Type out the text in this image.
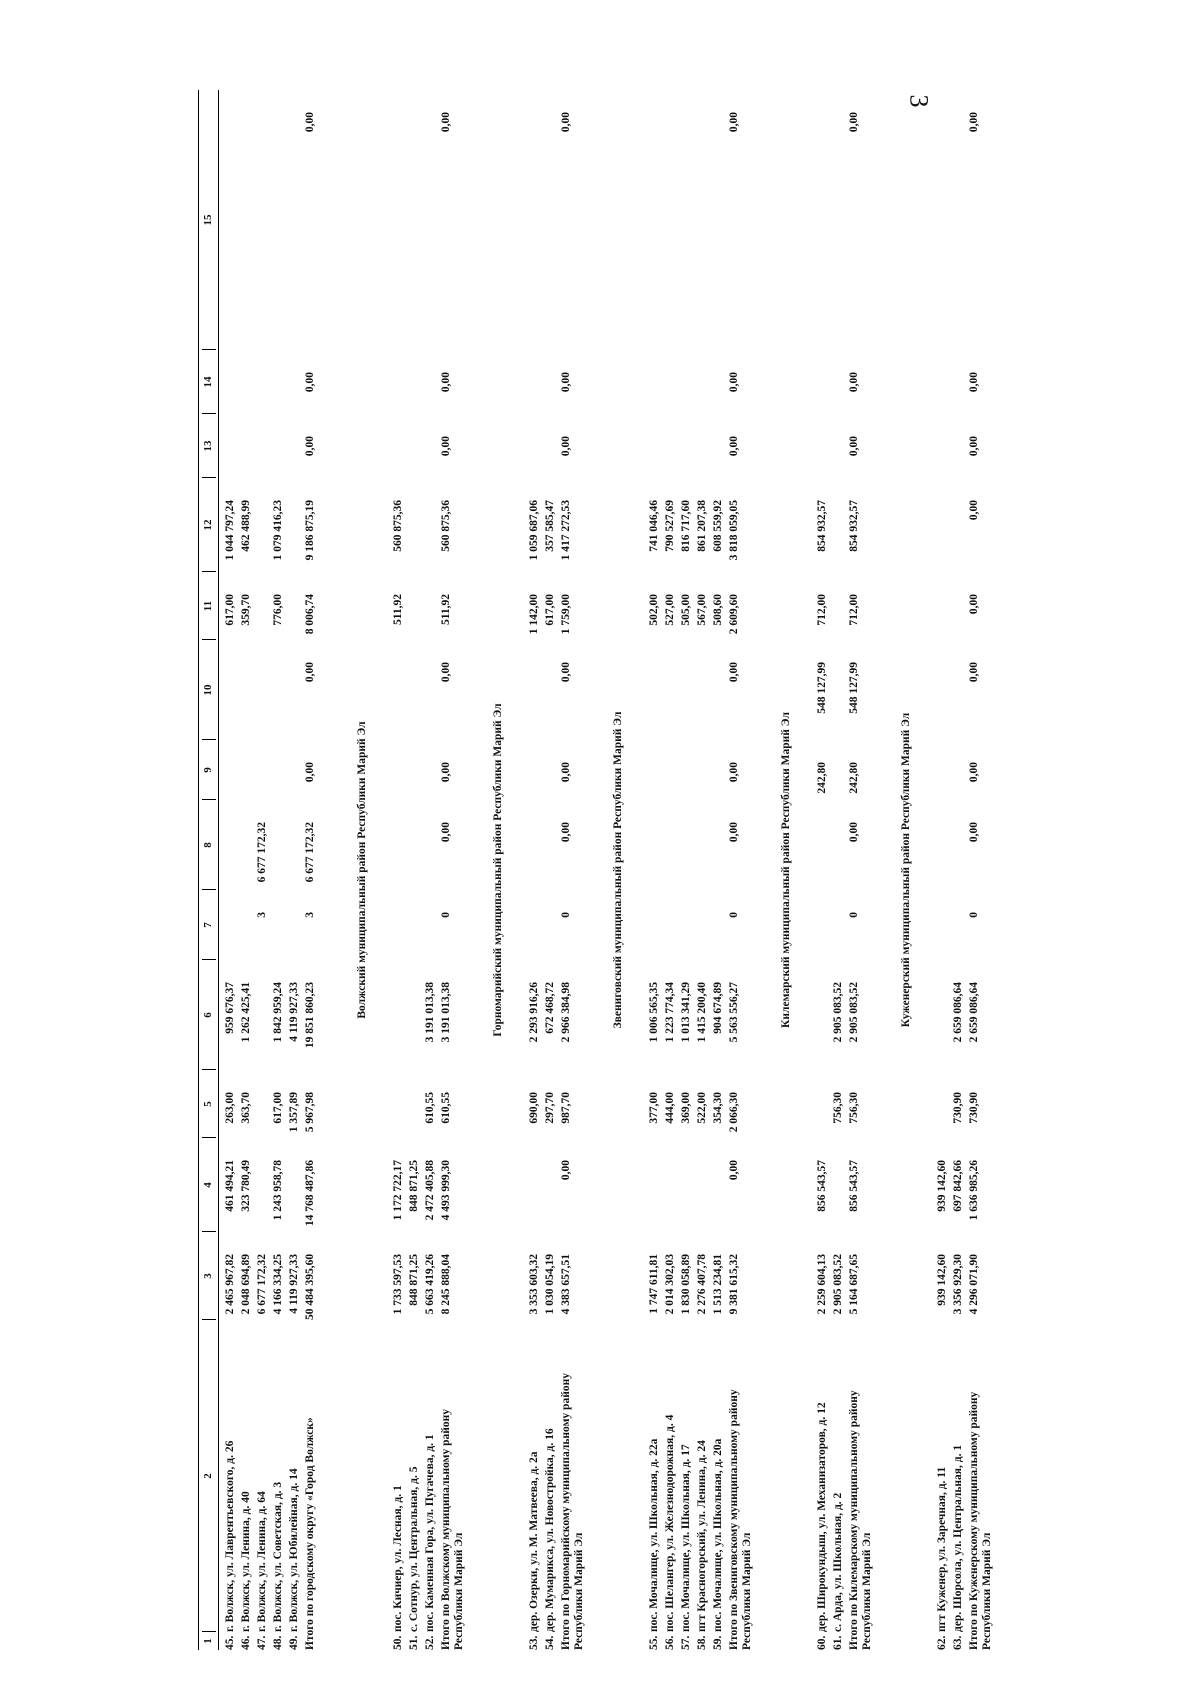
3
1
2
3
4
5
6
7
8
9
10
11
12
13
14
15
45.
г. Волжск, ул. Лаврентьевского, д. 26
2 465 967,82
461 494,21
263,00
959 676,37
617,00
1 044 797,24
46.
г. Волжск, ул. Ленина, д. 40
2 048 694,89
323 780,49
363,70
1 262 425,41
359,70
462 488,99
47.
г. Волжск, ул. Ленина, д. 64
6 677 172,32
3
6 677 172,32
48.
г. Волжск, ул. Советская, д. 3
4 166 334,25
1 243 958,78
617,00
1 842 959,24
776,00
1 079 416,23
49.
г. Волжск, ул. Юбилейная, д. 14
4 119 927,33
1 357,89
4 119 927,33
Итого по городскому округу «Город Волжск»
50 484 395,60
14 768 487,86
5 967,98
19 851 860,23
3
6 677 172,32
0,00
0,00
8 006,74
9 186 875,19
0,00
0,00
0,00
Волжский муниципальный район Республики Марий Эл
50.
пос. Кичиер, ул. Лесная, д. 1
1 733 597,53
1 172 722,17
511,92
560 875,36
51.
с. Сотнур, ул. Центральная, д. 5
848 871,25
848 871,25
52.
пос. Каменная Гора, ул. Пугачева, д. 1
5 663 419,26
2 472 405,88
610,55
3 191 013,38
Итого по Волжскому муниципальному району Республики Марий Эл
8 245 888,04
4 493 999,30
610,55
3 191 013,38
0
0,00
0,00
0,00
511,92
560 875,36
0,00
0,00
0,00
Горномарийский муниципальный район Республики Марий Эл
53.
дер. Озерки, ул. М. Матвеева, д. 2а
3 353 603,32
690,00
2 293 916,26
1 142,00
1 059 687,06
54.
дер. Мумарикса, ул. Новостройка, д. 16
1 030 054,19
297,70
672 468,72
617,00
357 585,47
Итого по Горномарийскому муниципальному району Республики Марий Эл
4 383 657,51
0,00
987,70
2 966 384,98
0
0,00
0,00
0,00
1 759,00
1 417 272,53
0,00
0,00
0,00
Звениговский муниципальный район Республики Марий Эл
55.
пос. Мочалище, ул. Школьная, д. 22а
1 747 611,81
377,00
1 006 565,35
502,00
741 046,46
56.
пос. Шелангер, ул. Железнодорожная, д. 4
2 014 302,03
444,00
1 223 774,34
527,00
790 527,69
57.
пос. Мочалище, ул. Школьная, д. 17
1 830 058,89
369,00
1 013 341,29
505,00
816 717,60
58.
пгт Красногорский, ул. Ленина, д. 24
2 276 407,78
522,00
1 415 200,40
567,00
861 207,38
59.
пос. Мочалище, ул. Школьная, д. 20а
1 513 234,81
354,30
904 674,89
508,60
608 559,92
Итого по Звениговскому муниципальному району Республики Марий Эл
9 381 615,32
0,00
2 066,30
5 563 556,27
0
0,00
0,00
0,00
2 609,60
3 818 059,05
0,00
0,00
0,00
Килемарский муниципальный район Республики Марий Эл
60.
дер. Широкундыш, ул. Механизаторов, д. 12
2 259 604,13
856 543,57
242,80
548 127,99
712,00
854 932,57
61.
с. Арда, ул. Школьная, д. 2
2 905 083,52
756,30
2 905 083,52
Итого по Килемарскому муниципальному району Республики Марий Эл
5 164 687,65
856 543,57
756,30
2 905 083,52
0
0,00
242,80
548 127,99
712,00
854 932,57
0,00
0,00
0,00
Куженерский муниципальный район Республики Марий Эл
62.
пгт Куженер, ул. Заречная, д. 11
939 142,60
939 142,60
63.
дер. Шорсола, ул. Центральная, д. 1
3 356 929,30
697 842,66
730,90
2 659 086,64
Итого по Куженерскому муниципальному району Республики Марий Эл
4 296 071,90
1 636 985,26
730,90
2 659 086,64
0
0,00
0,00
0,00
0,00
0,00
0,00
0,00
0,00
